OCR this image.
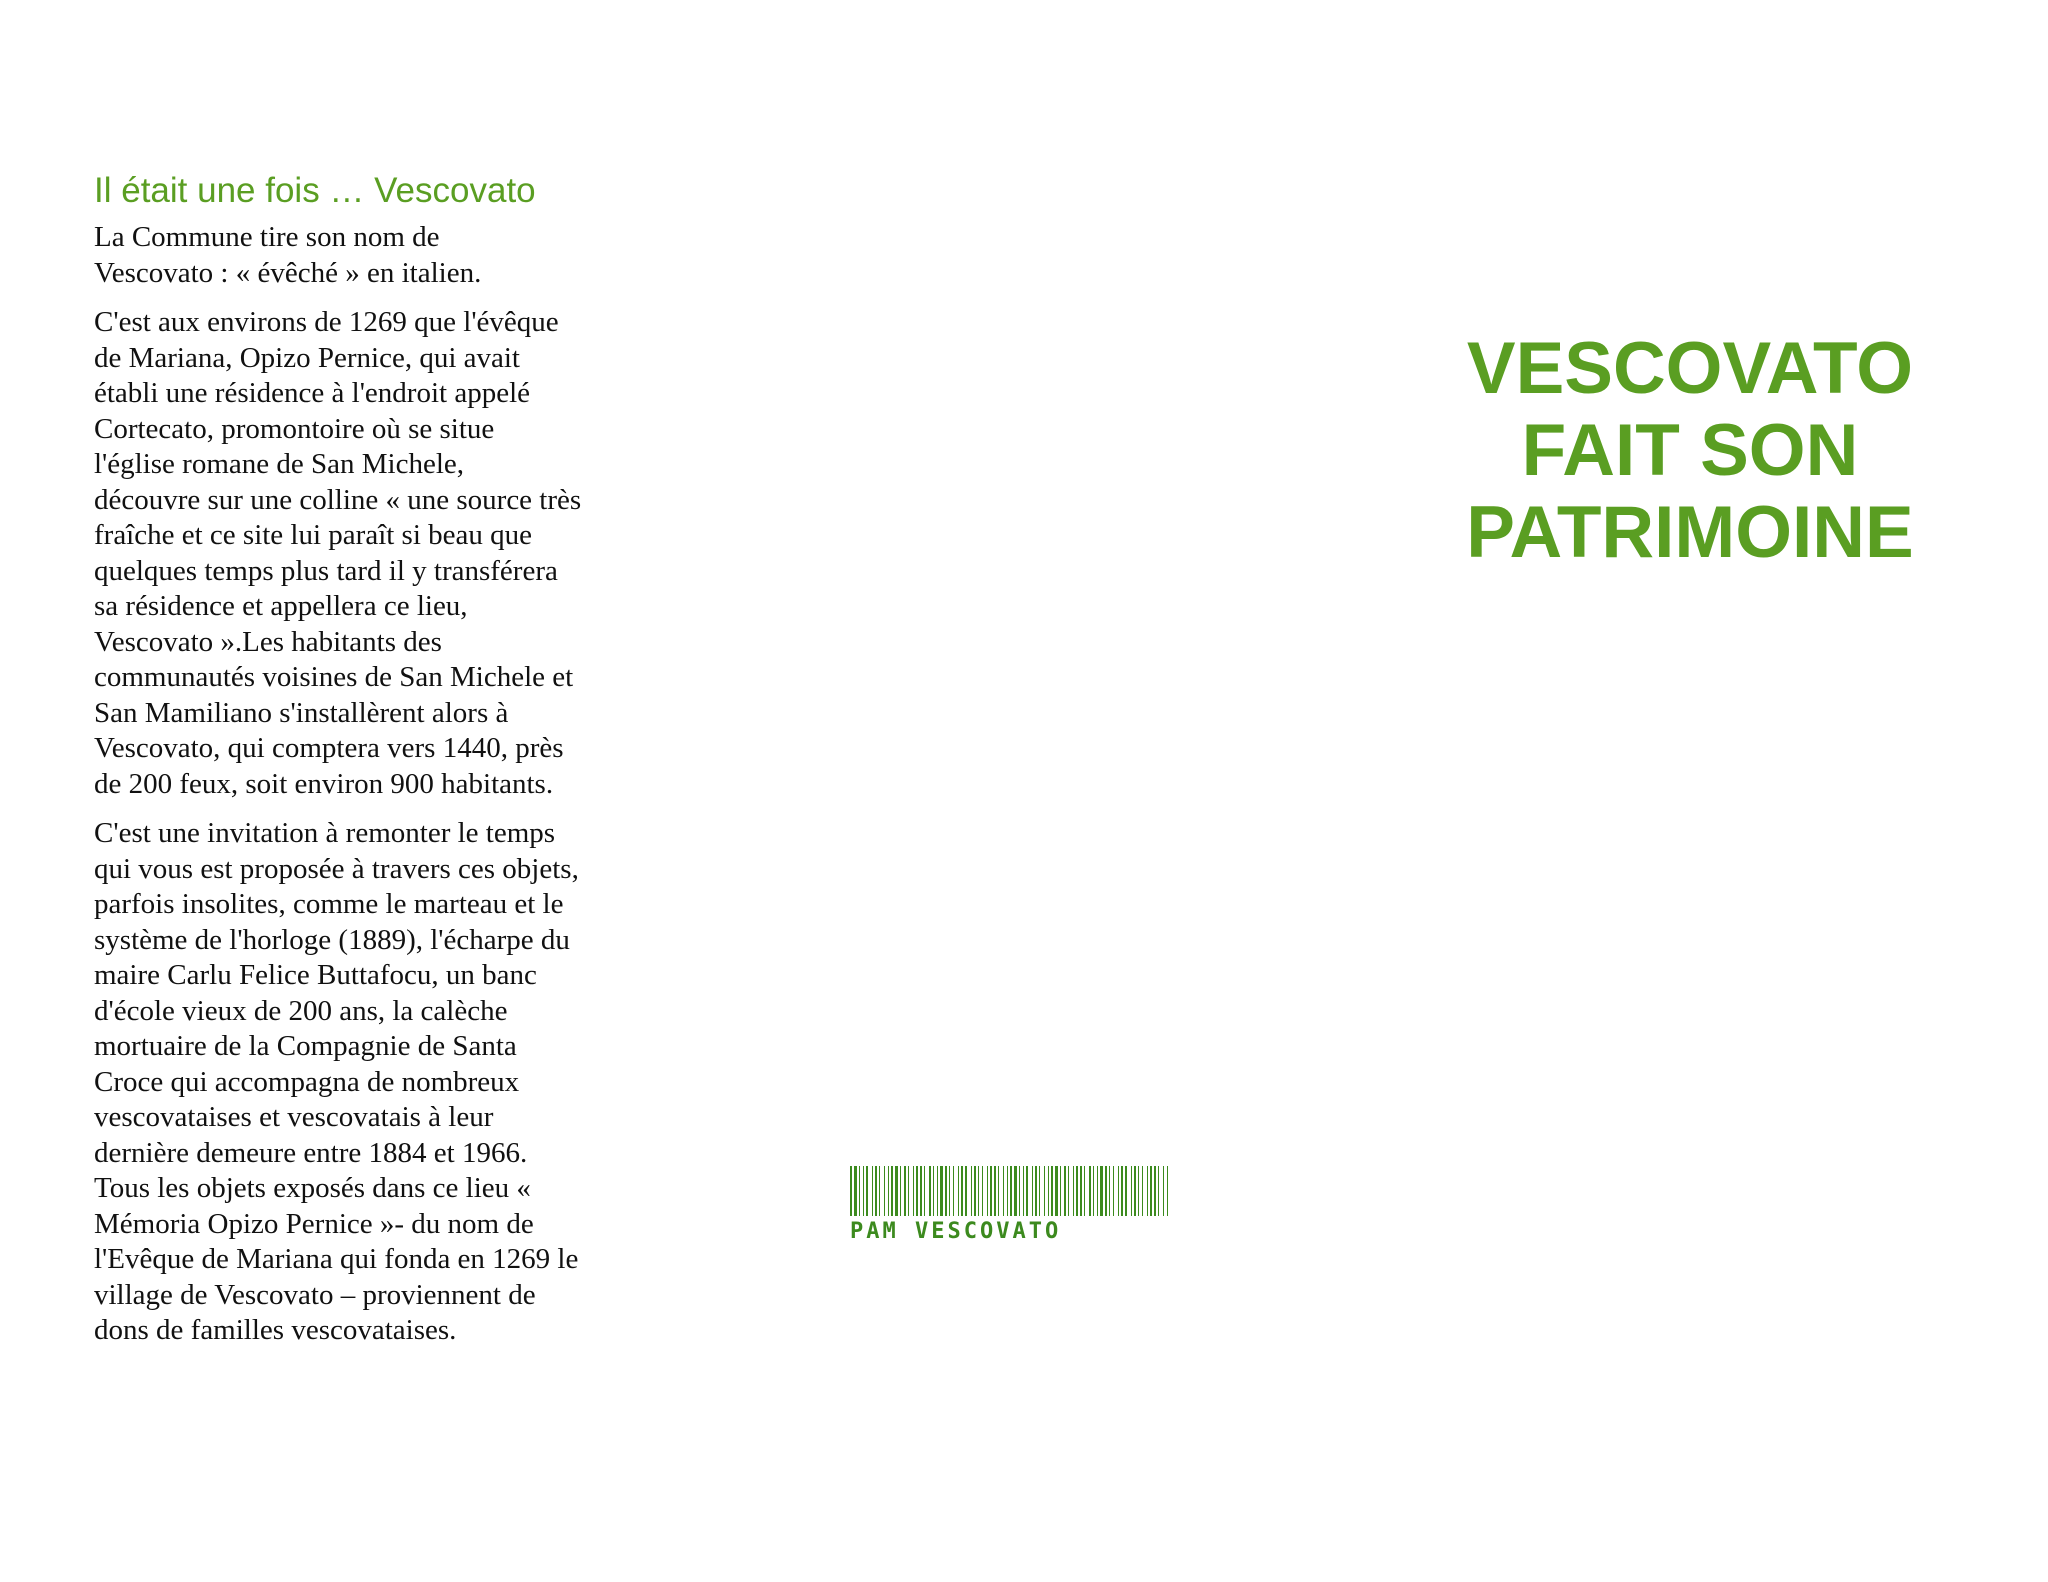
Il était une fois … Vescovato

La Commune tire son nom de
Vescovato : « évêché » en italien.

C'est aux environs de 1269 que l'évêque
de Mariana, Opizo Pernice, qui avait
établi une résidence à l'endroit appelé
Cortecato, promontoire où se situe
l'église romane de San Michele,
découvre sur une colline « une source très
fraîche et ce site lui paraît si beau que
quelques temps plus tard il y transférera
sa résidence et appellera ce lieu,
Vescovato ».Les habitants des
communautés voisines de San Michele et
San Mamiliano s'installèrent alors à
Vescovato, qui comptera vers 1440, près
de 200 feux, soit environ 900 habitants.

C'est une invitation à remonter le temps
qui vous est proposée à travers ces objets,
parfois insolites, comme le marteau et le
système de l'horloge (1889), l'écharpe du
maire Carlu Felice Buttafocu, un banc
d'école vieux de 200 ans, la calèche
mortuaire de la Compagnie de Santa
Croce qui accompagna de nombreux
vescovataises et vescovatais à leur
dernière demeure entre 1884 et 1966.
Tous les objets exposés dans ce lieu «
Mémoria Opizo Pernice »- du nom de
l'Evêque de Mariana qui fonda en 1269 le
village de Vescovato – proviennent de
dons de familles vescovataises.

VESCOVATO
FAIT SON
PATRIMOINE
PAM VESCOVATO
